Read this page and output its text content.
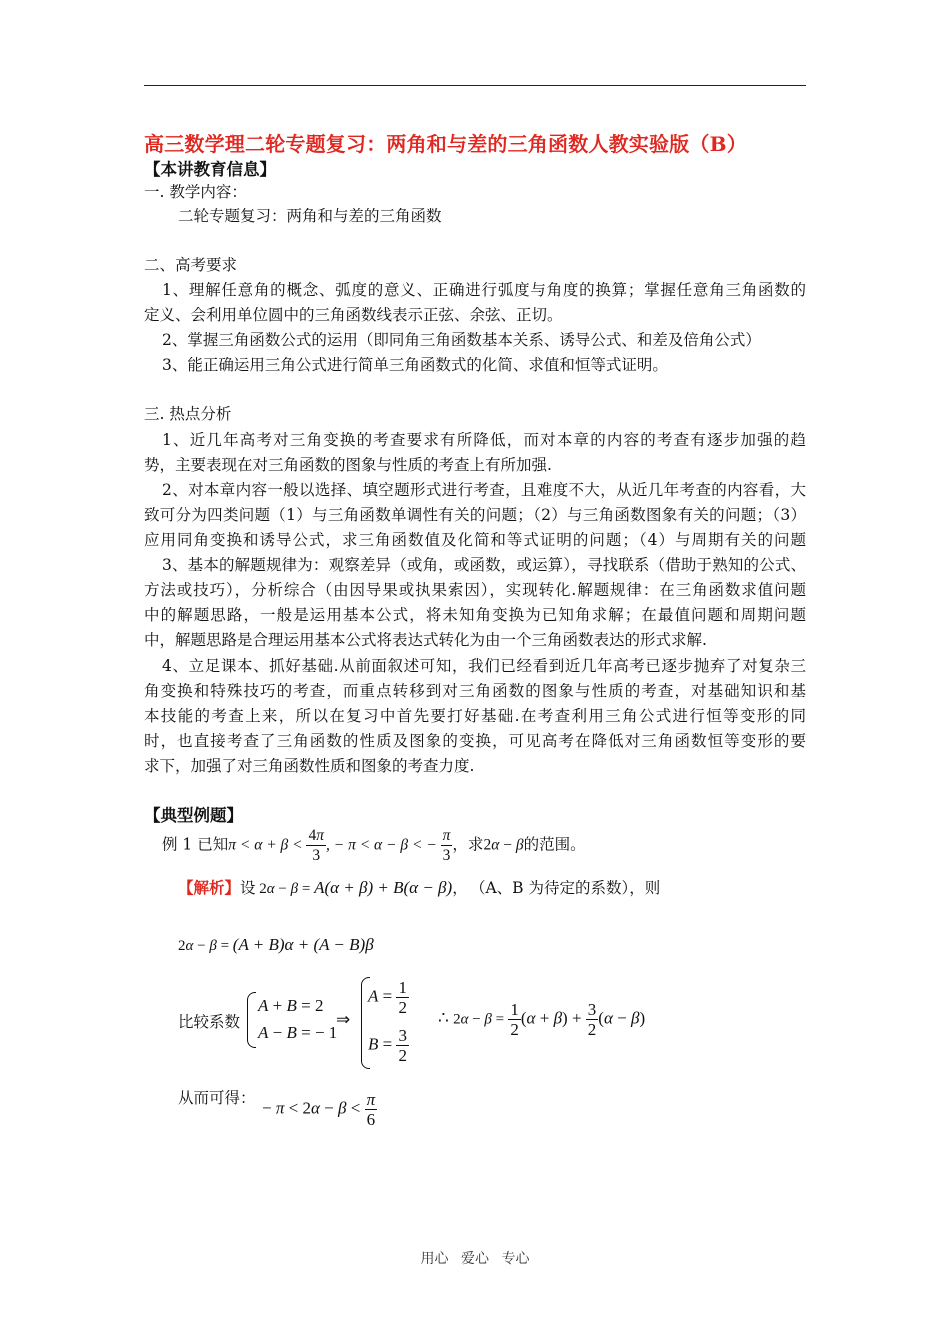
高三数学理二轮专题复习：两角和与差的三角函数人教实验版（B）
【本讲教育信息】
一. 教学内容：
二轮专题复习：两角和与差的三角函数
二、高考要求
1、理解任意角的概念、弧度的意义、正确进行弧度与角度的换算；掌握任意角三角函数的
定义、会利用单位圆中的三角函数线表示正弦、余弦、正切。
2、掌握三角函数公式的运用（即同角三角函数基本关系、诱导公式、和差及倍角公式）
3、能正确运用三角公式进行简单三角函数式的化简、求值和恒等式证明。
三. 热点分析
1、近几年高考对三角变换的考查要求有所降低，而对本章的内容的考查有逐步加强的趋
势，主要表现在对三角函数的图象与性质的考查上有所加强.
2、对本章内容一般以选择、填空题形式进行考查，且难度不大，从近几年考查的内容看，大
致可分为四类问题（1）与三角函数单调性有关的问题；（2）与三角函数图象有关的问题；（3）
应用同角变换和诱导公式，求三角函数值及化简和等式证明的问题；（4）与周期有关的问题
3、基本的解题规律为：观察差异（或角，或函数，或运算），寻找联系（借助于熟知的公式、
方法或技巧），分析综合（由因导果或执果索因），实现转化.解题规律：在三角函数求值问题
中的解题思路，一般是运用基本公式，将未知角变换为已知角求解；在最值问题和周期问题
中，解题思路是合理运用基本公式将表达式转化为由一个三角函数表达的形式求解.
4、立足课本、抓好基础.从前面叙述可知，我们已经看到近几年高考已逐步抛弃了对复杂三
角变换和特殊技巧的考查，而重点转移到对三角函数的图象与性质的考查，对基础知识和基
本技能的考查上来，所以在复习中首先要打好基础.在考查利用三角公式进行恒等变形的同
时，也直接考查了三角函数的性质及图象的变换，可见高考在降低对三角函数恒等变形的要
求下，加强了对三角函数性质和图象的考查力度.
【典型例题】
例 1 已知$\pi < \alpha + \beta < \frac{4\pi}{3}$ , − π < α − β < − $\frac{\pi}{3}$ ，求2α − β的范围。
【解析】设 2α − β = A(α + β) + B(α − β)， （A、B 为待定的系数），则
2α − β = (A + B)α + (A − B)β
比较系数
A + B = 2
A − B = − 1
⇒
$A = \frac{1}{2}$
$B = \frac{3}{2}$
∴ $2\alpha - \beta = \frac{1}{2} (\alpha + \beta) + \frac{3}{2} (\alpha - \beta)$
从而可得：
− $\pi < 2\alpha - \beta < \frac{\pi}{6}$
用心 爱心 专心
